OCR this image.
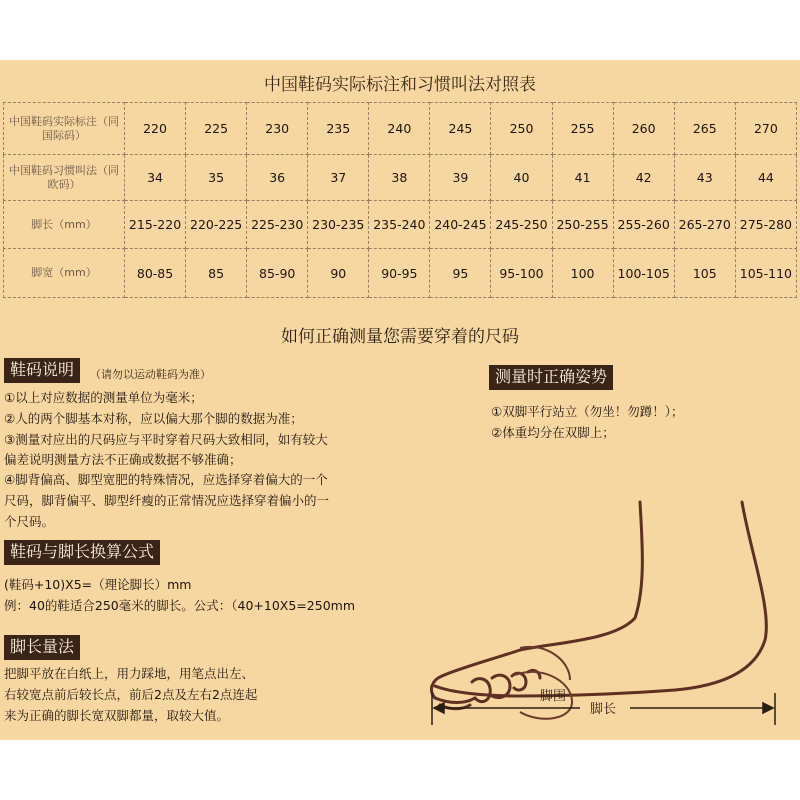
中国鞋码实际标注和习惯叫法对照表
中国鞋码实际标注（同国际码）	220	225	230	235	240	245	250	255	260	265	270
中国鞋码习惯叫法（同欧码）	34	35	36	37	38	39	40	41	42	43	44
脚长（mm）	215-220	220-225	225-230	230-235	235-240	240-245	245-250	250-255	255-260	265-270	275-280
脚宽（mm）	80-85	85	85-90	90	90-95	95	95-100	100	100-105	105	105-110
如何正确测量您需要穿着的尺码
鞋码说明	（请勿以运动鞋码为准）
①以上对应数据的测量单位为毫米；
②人的两个脚基本对称，应以偏大那个脚的数据为准；
③测量对应出的尺码应与平时穿着尺码大致相同，如有较大
偏差说明测量方法不正确或数据不够准确；
④脚背偏高、脚型宽肥的特殊情况，应选择穿着偏大的一个
尺码，脚背偏平、脚型纤瘦的正常情况应选择穿着偏小的一
个尺码。
测量时正确姿势
①双脚平行站立（勿坐！勿蹲！）；
②体重均分在双脚上；
鞋码与脚长换算公式
(鞋码+10)X5=（理论脚长）mm
例：40的鞋适合250毫米的脚长。公式：（40+10X5=250mm
脚长量法
把脚平放在白纸上，用力踩地，用笔点出左、
右较宽点前后较长点，前后2点及左右2点连起
来为正确的脚长宽双脚都量，取较大值。
脚围
脚长
